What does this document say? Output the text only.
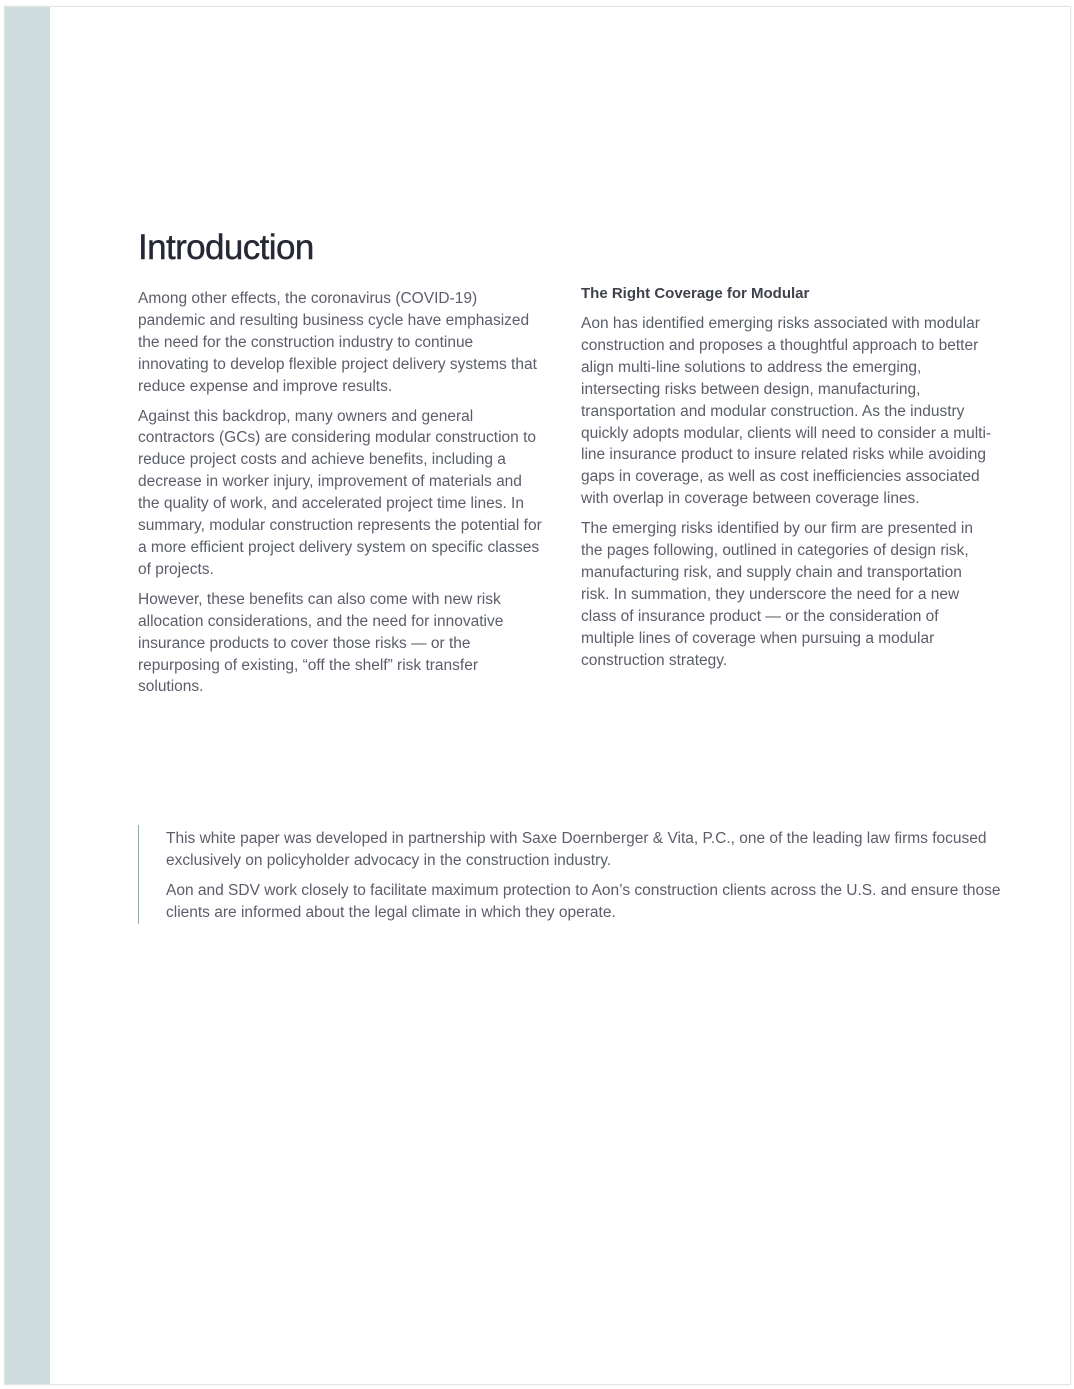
Introduction

Among other effects, the coronavirus (COVID-19) pandemic and resulting business cycle have emphasized the need for the construction industry to continue innovating to develop flexible project delivery systems that reduce expense and improve results.

Against this backdrop, many owners and general contractors (GCs) are considering modular construction to reduce project costs and achieve benefits, including a decrease in worker injury, improvement of materials and the quality of work, and accelerated project time lines. In summary, modular construction represents the potential for a more efficient project delivery system on specific classes of projects.

However, these benefits can also come with new risk allocation considerations, and the need for innovative insurance products to cover those risks — or the repurposing of existing, “off the shelf” risk transfer solutions.

The Right Coverage for Modular

Aon has identified emerging risks associated with modular construction and proposes a thoughtful approach to better align multi-line solutions to address the emerging, intersecting risks between design, manufacturing, transportation and modular construction. As the industry quickly adopts modular, clients will need to consider a multi-line insurance product to insure related risks while avoiding gaps in coverage, as well as cost inefficiencies associated with overlap in coverage between coverage lines.

The emerging risks identified by our firm are presented in the pages following, outlined in categories of design risk, manufacturing risk, and supply chain and transportation risk. In summation, they underscore the need for a new class of insurance product — or the consideration of multiple lines of coverage when pursuing a modular construction strategy.

This white paper was developed in partnership with Saxe Doernberger & Vita, P.C., one of the leading law firms focused exclusively on policyholder advocacy in the construction industry.

Aon and SDV work closely to facilitate maximum protection to Aon’s construction clients across the U.S. and ensure those clients are informed about the legal climate in which they operate.
